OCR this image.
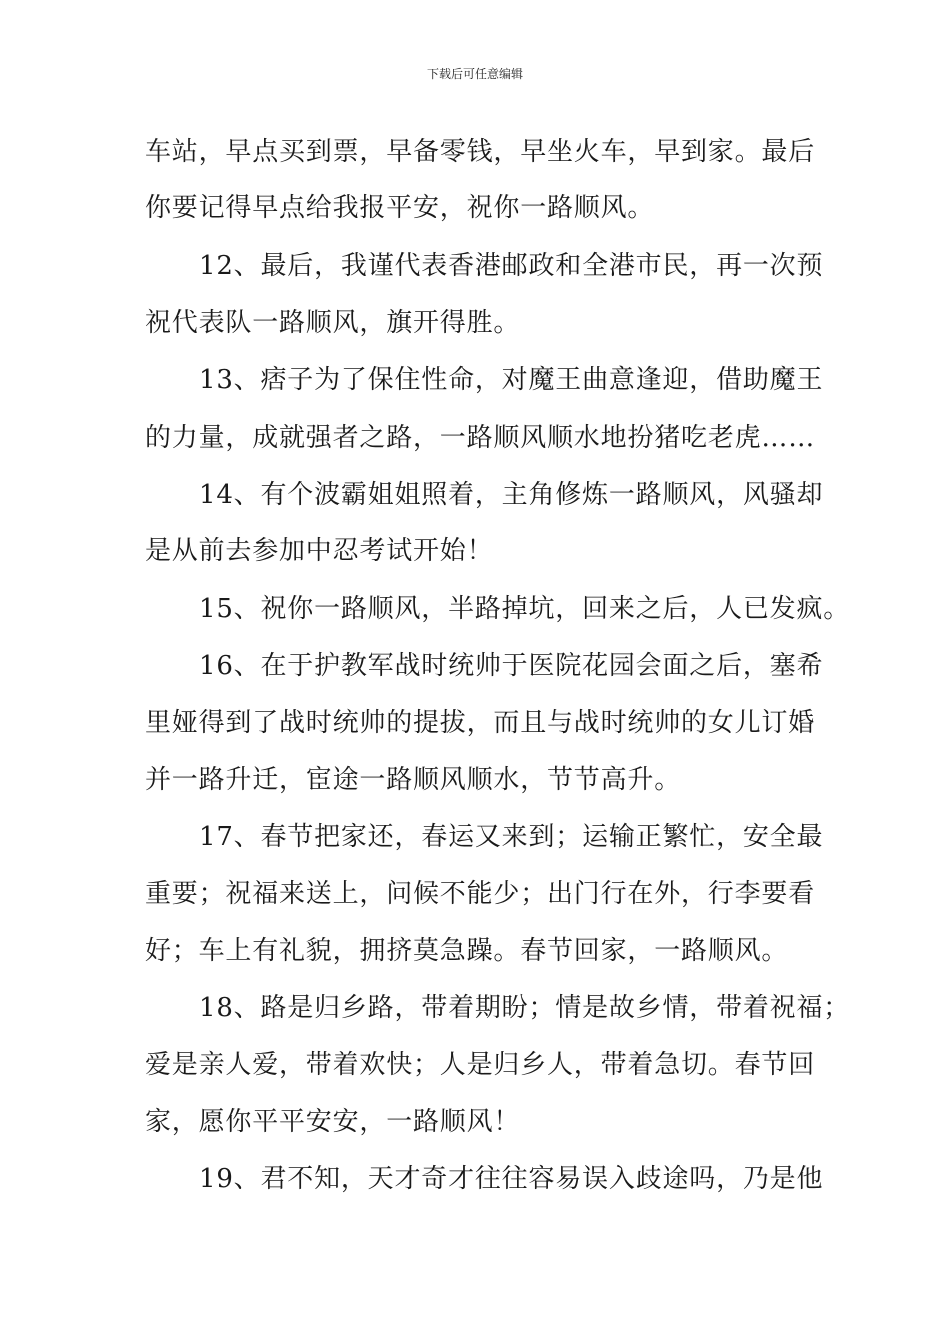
下载后可任意编辑
车站，早点买到票，早备零钱，早坐火车，早到家。最后
你要记得早点给我报平安，祝你一路顺风。
12、最后，我谨代表香港邮政和全港市民，再一次预
祝代表队一路顺风，旗开得胜。
13、痞子为了保住性命，对魔王曲意逢迎，借助魔王
的力量，成就强者之路，一路顺风顺水地扮猪吃老虎……
14、有个波霸姐姐照着，主角修炼一路顺风，风骚却
是从前去参加中忍考试开始！
15、祝你一路顺风，半路掉坑，回来之后，人已发疯。
16、在于护教军战时统帅于医院花园会面之后，塞希
里娅得到了战时统帅的提拔，而且与战时统帅的女儿订婚
并一路升迁，宦途一路顺风顺水，节节高升。
17、春节把家还，春运又来到；运输正繁忙，安全最
重要；祝福来送上，问候不能少；出门行在外，行李要看
好；车上有礼貌，拥挤莫急躁。春节回家，一路顺风。
18、路是归乡路，带着期盼；情是故乡情，带着祝福；
爱是亲人爱，带着欢快；人是归乡人，带着急切。春节回
家，愿你平平安安，一路顺风！
19、君不知，天才奇才往往容易误入歧途吗，乃是他
